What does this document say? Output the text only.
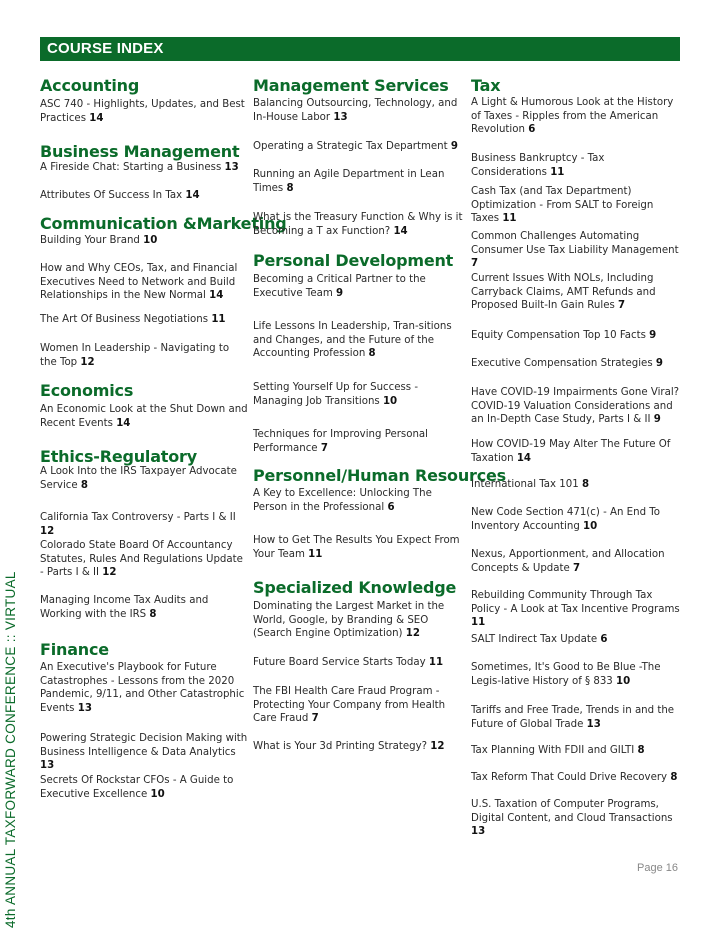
COURSE INDEX
Accounting
ASC 740 - Highlights, Updates, and Best Practices 14
Business Management
A Fireside Chat: Starting a Business 13
Attributes Of Success In Tax 14
Communication &Marketing
Building Your Brand 10
How and Why CEOs, Tax, and Financial Executives Need to Network and Build Relationships in the New Normal 14
The Art Of Business Negotiations 11
Women In Leadership - Navigating to the Top 12
Economics
An Economic Look at the Shut Down and Recent Events 14
Ethics-Regulatory
A Look Into the IRS Taxpayer Advocate Service 8
California Tax Controversy - Parts I & II 12
Colorado State Board Of Accountancy Statutes, Rules And Regulations Update - Parts I & II 12
Managing Income Tax Audits and Working with the IRS 8
Finance
An Executive's Playbook for Future Catastrophes - Lessons from the 2020 Pandemic, 9/11, and Other Catastrophic Events 13
Powering Strategic Decision Making with Business Intelligence & Data Analytics 13
Secrets Of Rockstar CFOs - A Guide to Executive Excellence 10
Management Services
Balancing Outsourcing, Technology, and In-House Labor 13
Operating a Strategic Tax Department 9
Running an Agile Department in Lean Times 8
What is the Treasury Function & Why is it Becoming a T ax Function? 14
Personal Development
Becoming a Critical Partner to the Executive Team 9
Life Lessons In Leadership, Tran-sitions and Changes, and the Future of the Accounting Profession 8
Setting Yourself Up for Success - Managing Job Transitions 10
Techniques for Improving Personal Performance 7
Personnel/Human Resources
A Key to Excellence: Unlocking The Person in the Professional 6
How to Get The Results You Expect From Your Team 11
Specialized Knowledge
Dominating the Largest Market in the World, Google, by Branding & SEO (Search Engine Optimization) 12
Future Board Service Starts Today 11
The FBI Health Care Fraud Program - Protecting Your Company from Health Care Fraud 7
What is Your 3d Printing Strategy? 12
Tax
A Light & Humorous Look at the History of Taxes - Ripples from the American Revolution 6
Business Bankruptcy - Tax Considerations 11
Cash Tax (and Tax Department) Optimization - From SALT to Foreign Taxes 11
Common Challenges Automating Consumer Use Tax Liability Management 7
Current Issues With NOLs, Including Carryback Claims, AMT Refunds and Proposed Built-In Gain Rules 7
Equity Compensation Top 10 Facts 9
Executive Compensation Strategies 9
Have COVID-19 Impairments Gone Viral? COVID-19 Valuation Considerations and an In-Depth Case Study, Parts I & II 9
How COVID-19 May Alter The Future Of Taxation 14
International Tax 101 8
New Code Section 471(c) - An End To Inventory Accounting 10
Nexus, Apportionment, and Allocation Concepts & Update 7
Rebuilding Community Through Tax Policy - A Look at Tax Incentive Programs 11
SALT Indirect Tax Update 6
Sometimes, It's Good to Be Blue -The Legis-lative History of § 833 10
Tariffs and Free Trade, Trends in and the Future of Global Trade 13
Tax Planning With FDII and GILTI 8
Tax Reform That Could Drive Recovery 8
U.S. Taxation of Computer Programs, Digital Content, and Cloud Transactions 13
4th ANNUAL TAXFORWARD CONFERENCE :: VIRTUAL	Page 16
